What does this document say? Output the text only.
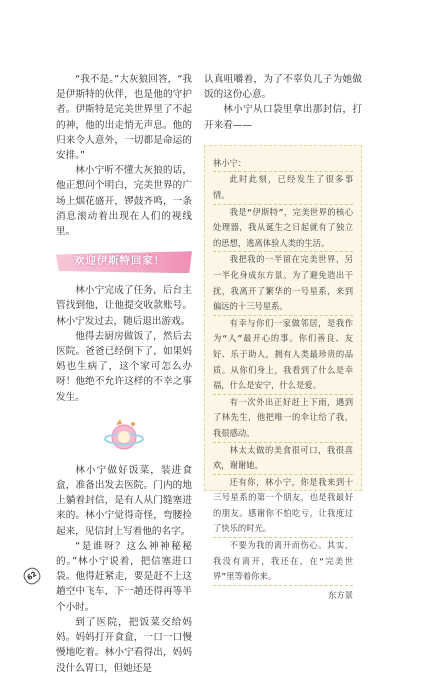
“我不是。”大灰狼回答，“我是伊斯特的伙伴，也是他的守护者。伊斯特是完美世界里了不起的神，他的出走悄无声息。他的归来令人意外，一切都是命运的安排。”

林小宁听不懂大灰狼的话，他正想问个明白，完美世界的广场上烟花盛开，锣鼓齐鸣，一条消息滚动着出现在人们的视线里。

欢迎伊斯特回家！

林小宁完成了任务，后台主管找到他，让他提交收款账号。林小宁发过去，随后退出游戏。

他得去厨房做饭了，然后去医院。爸爸已经倒下了，如果妈妈也生病了，这个家可怎么办呀！他绝不允许这样的不幸之事发生。

林小宁做好饭菜，装进食盒，准备出发去医院。门内的地上躺着封信，是有人从门缝塞进来的。林小宁觉得奇怪，弯腰捡起来，见信封上写着他的名字。

“是谁呀？这么神神秘秘的。”林小宁说着，把信塞进口袋。他得赶紧走，要是赶不上这趟空中飞车，下一趟还得再等半个小时。

到了医院，把饭菜交给妈妈。妈妈打开食盒，一口一口慢慢地吃着。林小宁看得出，妈妈没什么胃口，但她还是

认真咀嚼着，为了不辜负儿子为她做饭的这份心意。

林小宁从口袋里拿出那封信，打开来看——

林小宁：
此时此刻，已经发生了很多事情。
我是“伊斯特”，完美世界的核心处理器，我从诞生之日起就有了独立的思想，逃离体验人类的生活。
我把我的一半留在完美世界，另一半化身成东方景。为了避免造出干扰，我离开了繁华的一号星系，来到偏远的十三号星系。
有幸与你们一家做邻居，是我作为“人”最开心的事。你们善良、友好、乐于助人，拥有人类最珍贵的品质。从你们身上，我看到了什么是幸福，什么是安宁，什么是爱。
有一次外出正好赶上下雨，遇到了林先生，他把唯一的伞让给了我，我很感动。
林太太做的美食很可口，我很喜欢，谢谢她。
还有你，林小宁，你是我来到十三号星系的第一个朋友，也是我最好的朋友。感谢你不怕吃亏，让我度过了快乐的时光。
不要为我的离开而伤心。其实，我没有离开，我还在，在“完美世界”里等着你来。
东方景
62
